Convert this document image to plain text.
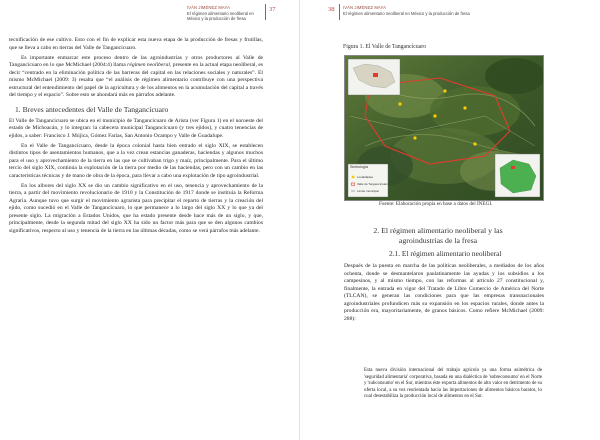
IVÁN JIMÉNEZ MAYA
El régimen alimentario neoliberal en México y la producción de fresa
37

tecnificación de ese cultivo. Esto con el fin de explicar esta nueva etapa de la producción de fresas y frutillas, que se lleva a cabo en tierras del Valle de Tangancícuaro.

Es importante enmarcar este proceso dentro de las agroindustrias y otros productores al Valle de Tangancícuaro en lo que McMichael (2004:4) llama régimen neoliberal, presente en la actual etapa neoliberal, es decir “centrado en la eliminación política de las barreras del capital en las relaciones sociales y naturales”. El mismo McMichael (2009: 3) resalta que “el análisis de régimen alimentario contribuye con una perspectiva estructural del entendimiento del papel de la agricultura y de los alimentos en la acumulación del capital a través del tiempo y el espacio”. Sobre esto se ahondará más en párrafos adelante.

1. Breves antecedentes del Valle de Tangancícuaro

El Valle de Tangancícuaro se ubica en el municipio de Tangancícuaro de Arista (ver Figura 1) en el noroeste del estado de Michoacán, y lo integran: la cabecera municipal Tangancícuaro (y tres ejidos), y cuatro tenencias de ejidos, a saber: Francisco J. Mújica, Gómez Farías, San Antonio Ocampo y Valle de Guadalupe.

En el Valle de Tangancícuaro, desde la época colonial hasta bien entrado el siglo XIX, se establecen distintos tipos de asentamientos humanos, que a la vez crean estancias ganaderas, haciendas y algunos muchos para el uso y aprovechamiento de la tierra en las que se cultivaban trigo y maíz, principalmente. Para el último tercio del siglo XIX, continúa la explotación de la tierra por medio de las haciendas, pero con un cambio en las características técnicas y de mano de obra de la época, para llevar a cabo una explotación de tipo agroindustrial.

En los albores del siglo XX se dio un cambio significativo en el uso, tenencia y aprovechamiento de la tierra, a partir del movimiento revolucionario de 1910 y la Constitución de 1917 donde se instituía la Reforma Agraria. Aunque tuvo que surgir el movimiento agrarista para precipitar el reparto de tierras y la creación del ejido, como sucedió en el Valle de Tangancícuaro, lo que permanece a lo largo del siglo XX y lo que ya del presente siglo. La migración a Estados Unidos, que ha estado presente desde hace más de un siglo, y que, principalmente, desde la segunda mitad del siglo XX ha sido un factor más para que se den algunos cambios significativos, respecto al uso y tenencia de la tierra en las últimas décadas, como se verá párrafos más adelante.

38 IVÁN JIMÉNEZ MAYA
El régimen alimentario neoliberal en México y la producción de fresa
Figura 1. El Valle de Tangancícuaro
Simbología
Localidades
Valle de Tangancícuaro
Límite municipal
Fuente: Elaboración propia en base a datos del INEGI.
2. El régimen alimentario neoliberal y las agroindustrias de la fresa
2.1. El régimen alimentario neoliberal

Después de la puesta en marcha de las políticas neoliberales, a mediados de los años ochenta, donde se desmantelaron paulatinamente las ayudas y los subsidios a los campesinos, y al mismo tiempo, con las reformas al artículo 27 constitucional y, finalmente, la entrada en vigor del Tratado de Libre Comercio de América del Norte (TLCAN), se generan las condiciones para que las empresas transnacionales agroindustriales profundicen más su expansión en los espacios rurales, donde antes la producción era, mayoritariamente, de granos básicos. Como refiere McMichael (2009: 288):

Esta nueva división internacional del trabajo agrícola ya una forma asimétrica de 'seguridad alimentaria' corporativa, basada en una dialéctica de 'sobreconsumo' en el Norte y 'subconsumo' en el Sur, mientras éste exporta alimentos de alto valor en detrimento de su oferta local, a su vez reorientada hacia las importaciones de alimentos básicos baratos, lo cual desestabiliza la producción local de alimentos en el Sur.
